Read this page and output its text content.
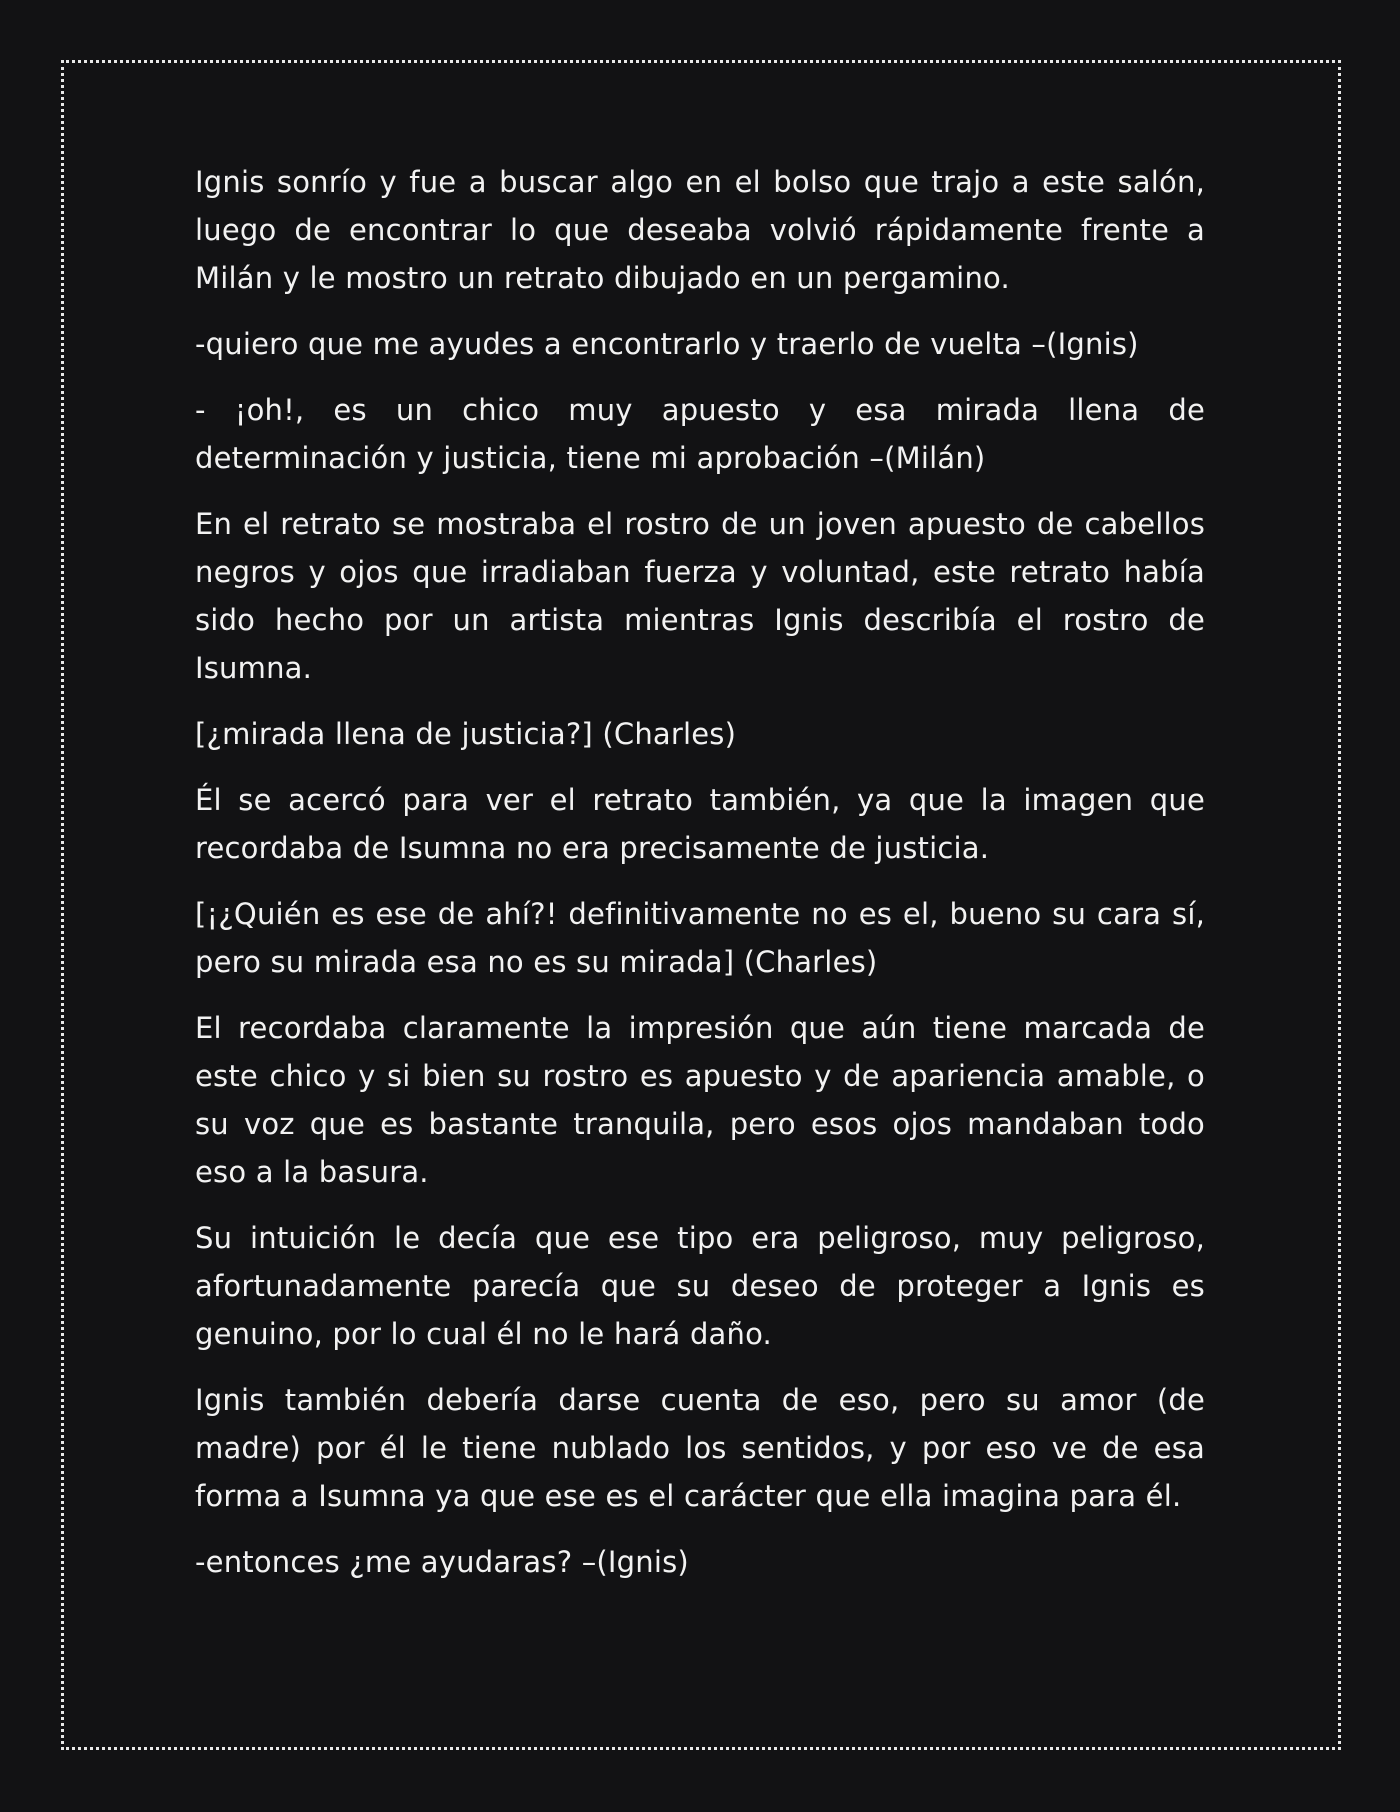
Ignis sonrío y fue a buscar algo en el bolso que trajo a este salón, luego de encontrar lo que deseaba volvió rápidamente frente a Milán y le mostro un retrato dibujado en un pergamino.

-quiero que me ayudes a encontrarlo y traerlo de vuelta –(Ignis)

- ¡oh!, es un chico muy apuesto y esa mirada llena de determinación y justicia, tiene mi aprobación –(Milán)

En el retrato se mostraba el rostro de un joven apuesto de cabellos negros y ojos que irradiaban fuerza y voluntad, este retrato había sido hecho por un artista mientras Ignis describía el rostro de Isumna.

[¿mirada llena de justicia?] (Charles)

Él se acercó para ver el retrato también, ya que la imagen que recordaba de Isumna no era precisamente de justicia.

[¡¿Quién es ese de ahí?! definitivamente no es el, bueno su cara sí, pero su mirada esa no es su mirada] (Charles)

El recordaba claramente la impresión que aún tiene marcada de este chico y si bien su rostro es apuesto y de apariencia amable, o su voz que es bastante tranquila, pero esos ojos mandaban todo eso a la basura.

Su intuición le decía que ese tipo era peligroso, muy peligroso, afortunadamente parecía que su deseo de proteger a Ignis es genuino, por lo cual él no le hará daño.

Ignis también debería darse cuenta de eso, pero su amor (de madre) por él le tiene nublado los sentidos, y por eso ve de esa forma a Isumna ya que ese es el carácter que ella imagina para él.

-entonces ¿me ayudaras? –(Ignis)
